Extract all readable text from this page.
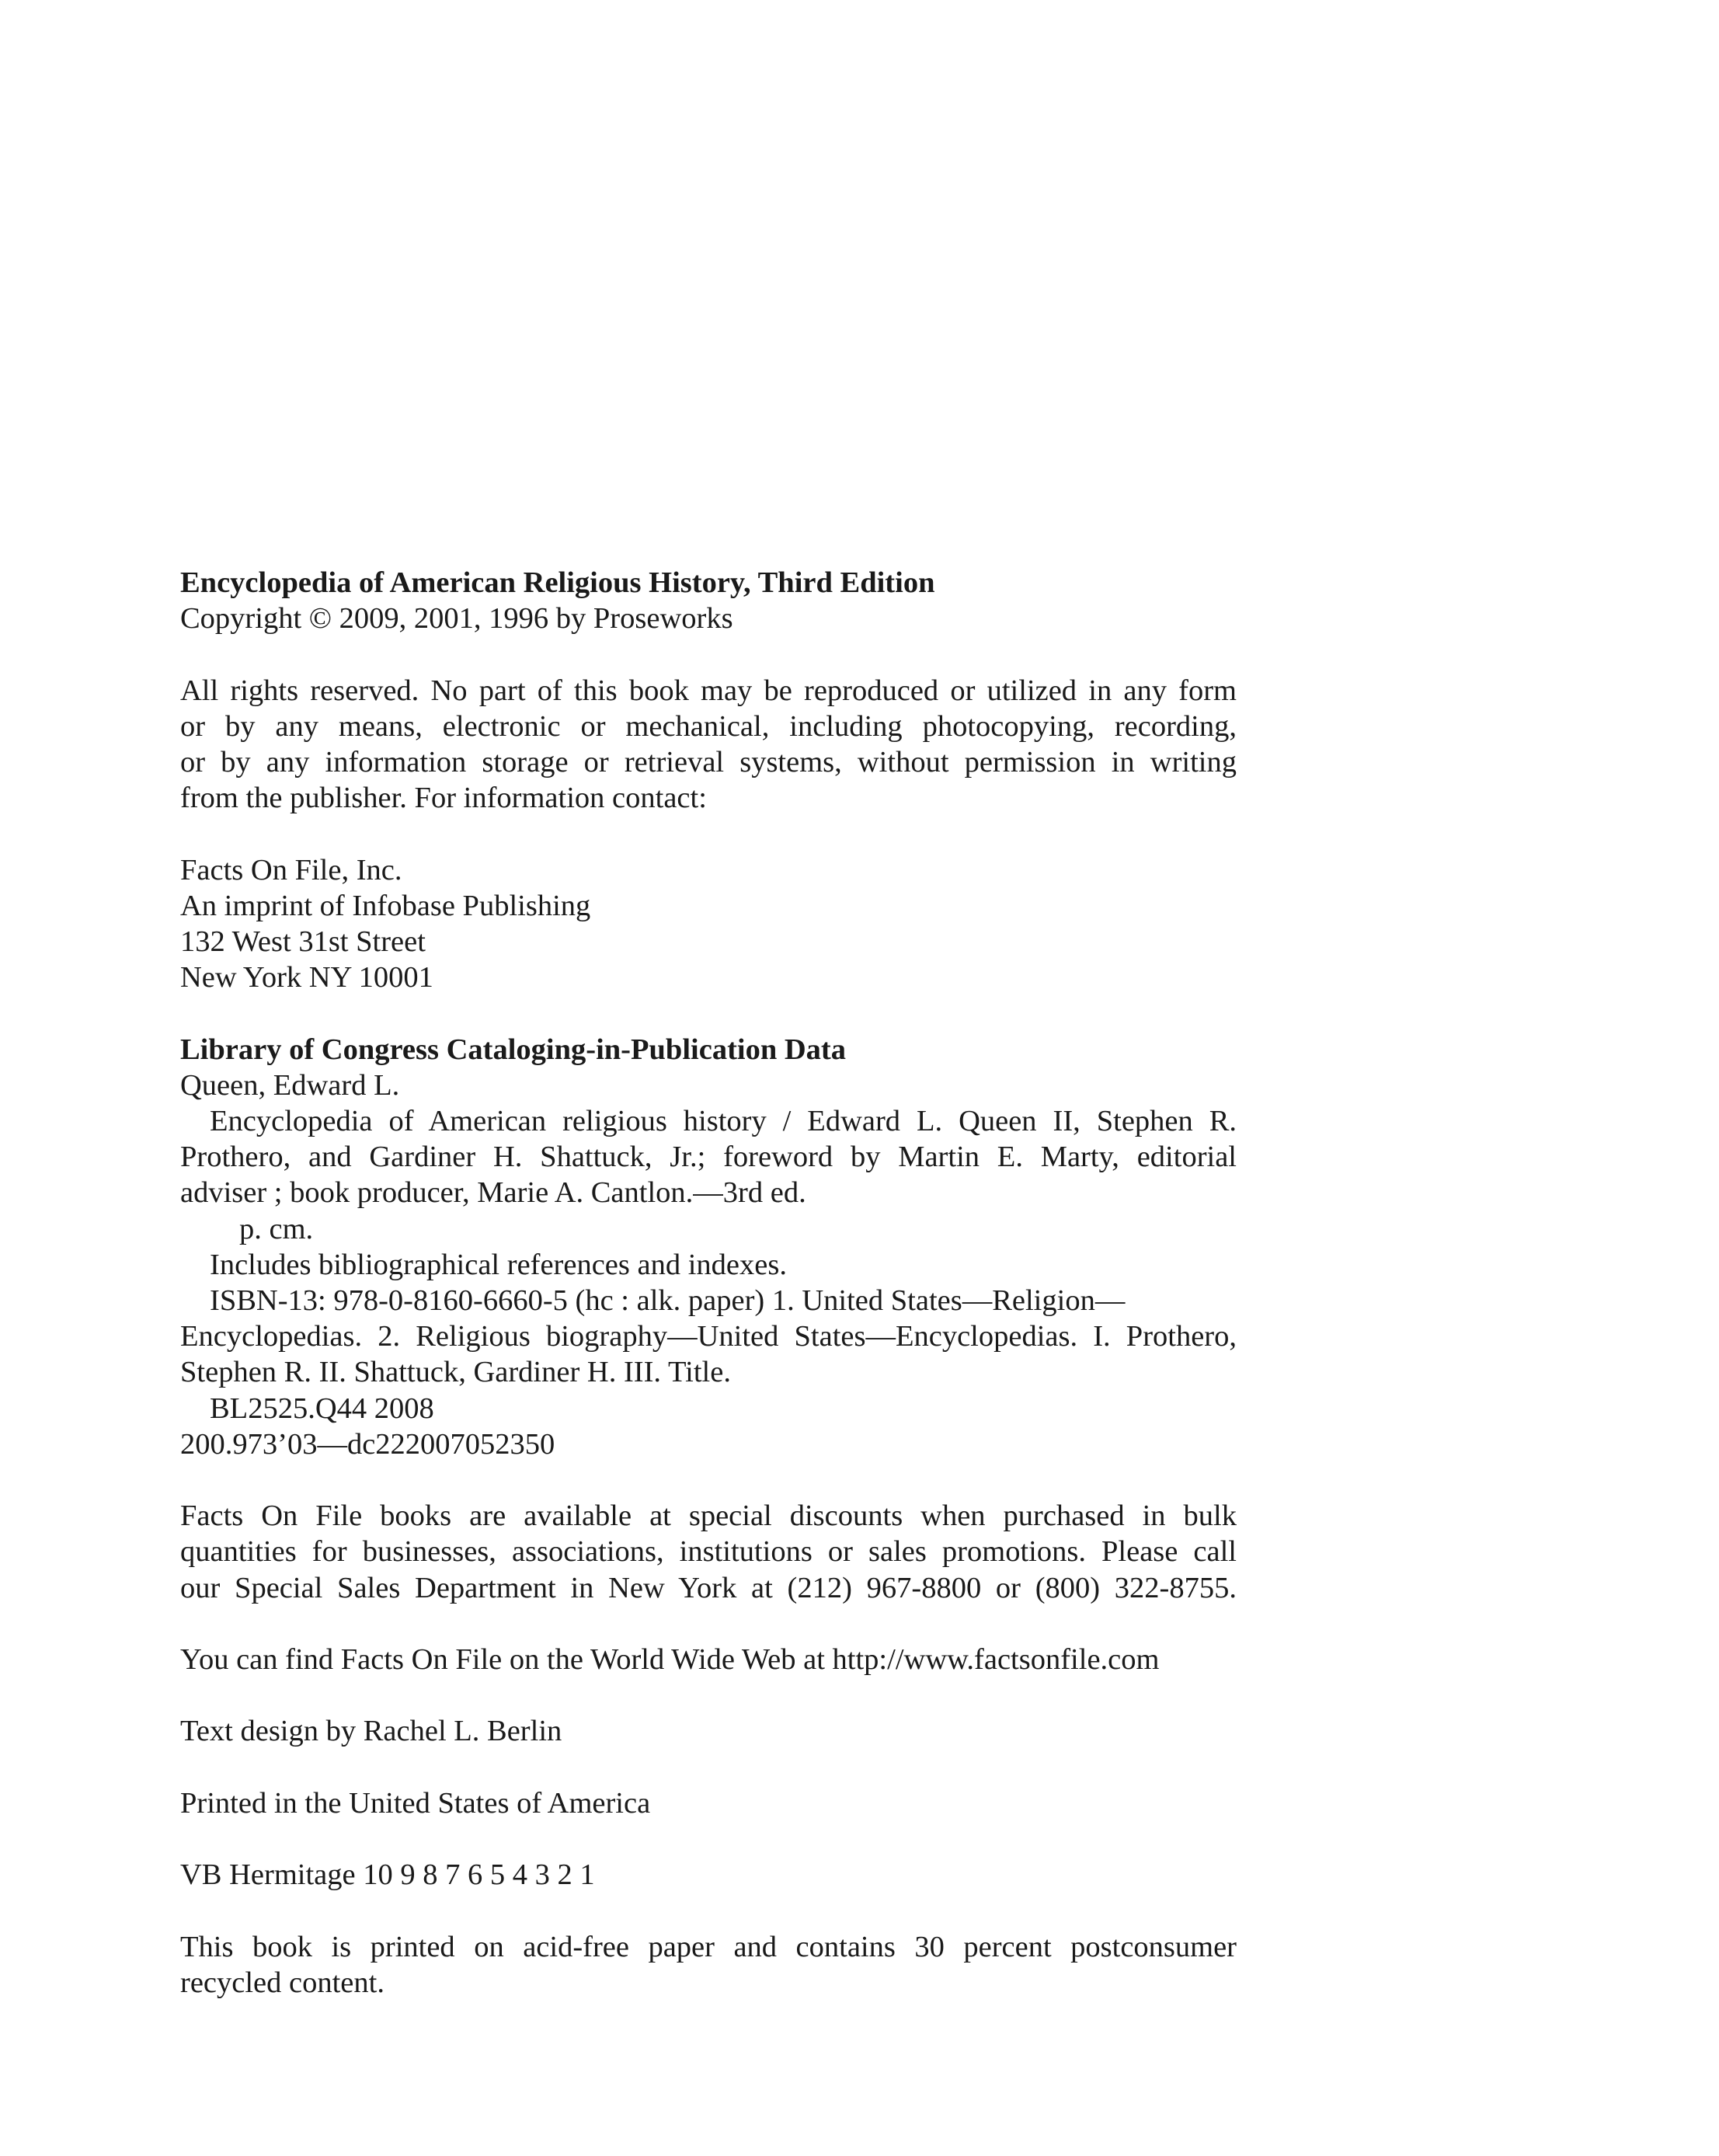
Encyclopedia of American Religious History, Third Edition
Copyright © 2009, 2001, 1996 by Proseworks
All rights reserved. No part of this book may be reproduced or utilized in any form
or by any means, electronic or mechanical, including photocopying, recording,
or by any information storage or retrieval systems, without permission in writing
from the publisher. For information contact:
Facts On File, Inc.
An imprint of Infobase Publishing
132 West 31st Street
New York NY 10001
Library of Congress Cataloging-in-Publication Data
Queen, Edward L.
Encyclopedia of American religious history / Edward L. Queen II, Stephen R.
Prothero, and Gardiner H. Shattuck, Jr.; foreword by Martin E. Marty, editorial
adviser ; book producer, Marie A. Cantlon.—3rd ed.
p. cm.
Includes bibliographical references and indexes.
ISBN-13: 978-0-8160-6660-5 (hc : alk. paper) 1. United States—Religion—
Encyclopedias. 2. Religious biography—United States—Encyclopedias. I. Prothero,
Stephen R. II. Shattuck, Gardiner H. III. Title.
BL2525.Q44 2008
200.973’03—dc222007052350
Facts On File books are available at special discounts when purchased in bulk
quantities for businesses, associations, institutions or sales promotions. Please call
our Special Sales Department in New York at (212) 967-8800 or (800) 322-8755.
You can find Facts On File on the World Wide Web at http://www.factsonfile.com
Text design by Rachel L. Berlin
Printed in the United States of America
VB Hermitage 10 9 8 7 6 5 4 3 2 1
This book is printed on acid-free paper and contains 30 percent postconsumer
recycled content.
